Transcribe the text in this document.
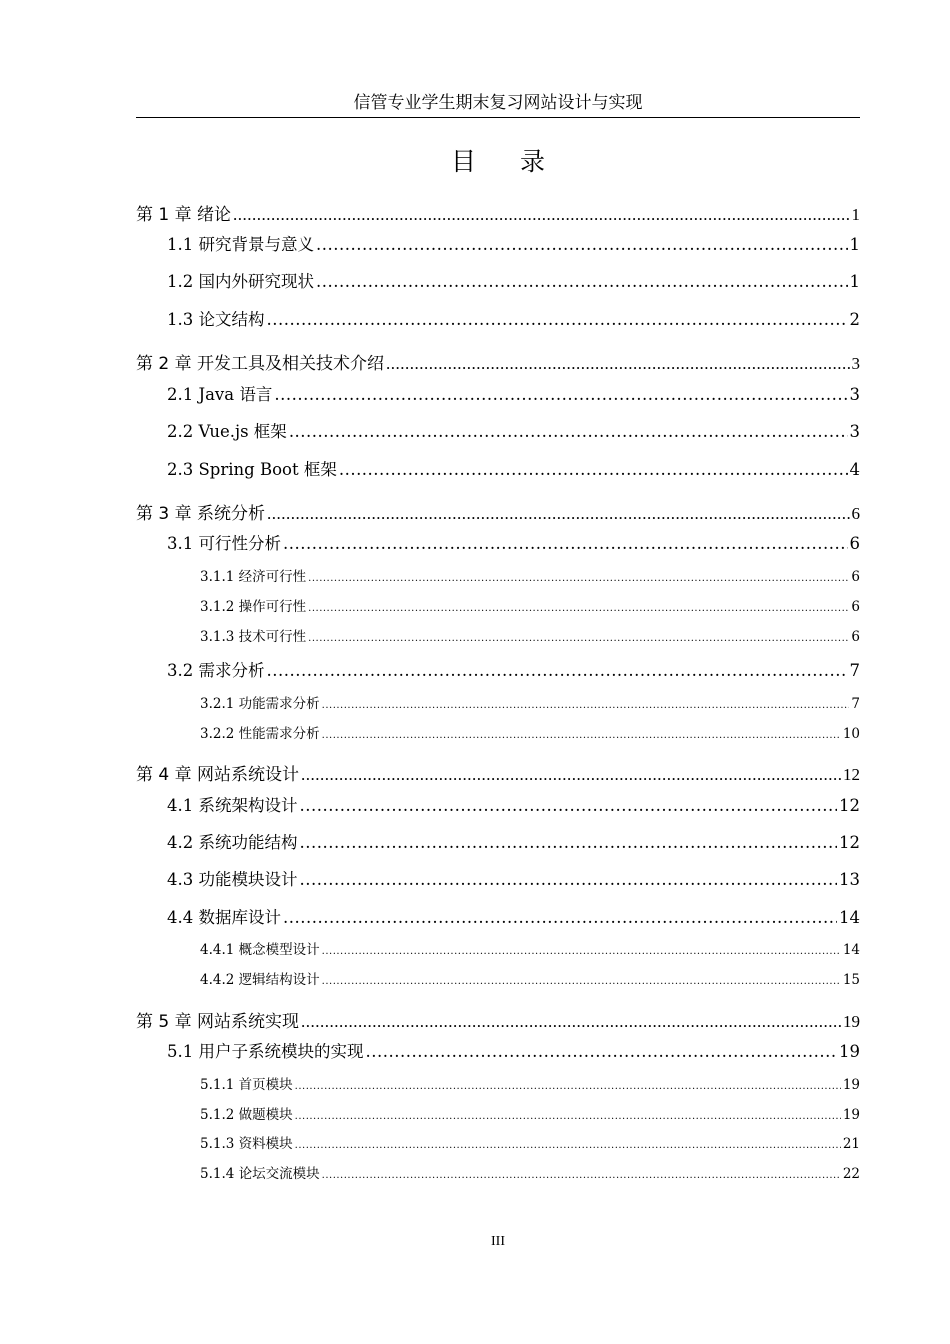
信管专业学生期末复习网站设计与实现
目录
第 1 章 绪论 .....	1
1.1 研究背景与意义 .....	1
1.2 国内外研究现状 .....	1
1.3 论文结构 .....	2
第 2 章 开发工具及相关技术介绍 .....	3
2.1 Java 语言 .....	3
2.2 Vue.js 框架 .....	3
2.3 Spring Boot 框架 .....	4
第 3 章 系统分析 .....	6
3.1 可行性分析 .....	6
3.1.1 经济可行性 .....	6
3.1.2 操作可行性 .....	6
3.1.3 技术可行性 .....	6
3.2 需求分析 .....	7
3.2.1 功能需求分析 .....	7
3.2.2 性能需求分析 .....	10
第 4 章 网站系统设计 .....	12
4.1 系统架构设计 .....	12
4.2 系统功能结构 .....	12
4.3 功能模块设计 .....	13
4.4 数据库设计 .....	14
4.4.1 概念模型设计 .....	14
4.4.2 逻辑结构设计 .....	15
第 5 章 网站系统实现 .....	19
5.1 用户子系统模块的实现 .....	19
5.1.1 首页模块 .....	19
5.1.2 做题模块 .....	19
5.1.3 资料模块 .....	21
5.1.4 论坛交流模块 .....	22
III
